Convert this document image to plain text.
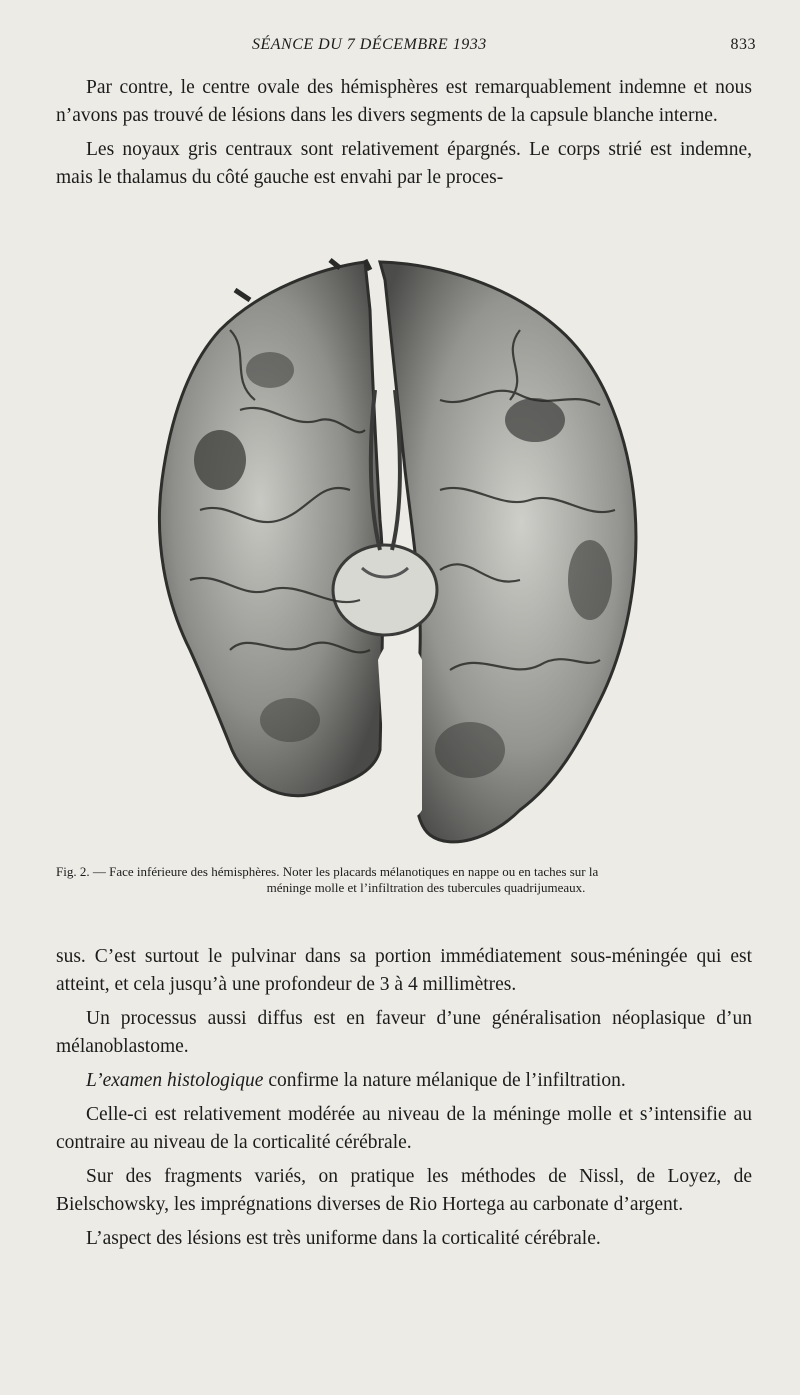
SÉANCE DU 7 DÉCEMBRE 1933	833

Par contre, le centre ovale des hémisphères est remarquablement indemne et nous n’avons pas trouvé de lésions dans les divers segments de la capsule blanche interne.

Les noyaux gris centraux sont relativement épargnés. Le corps strié est indemne, mais le thalamus du côté gauche est envahi par le proces-

Fig. 2. — Face inférieure des hémisphères. Noter les placards mélanotiques en nappe ou en taches sur la
méninge molle et l’infiltration des tubercules quadrijumeaux.

sus. C’est surtout le pulvinar dans sa portion immédiatement sous-méningée qui est atteint, et cela jusqu’à une profondeur de 3 à 4 millimètres.

Un processus aussi diffus est en faveur d’une généralisation néoplasique d’un mélanoblastome.

L’examen histologique confirme la nature mélanique de l’infiltration.

Celle-ci est relativement modérée au niveau de la méninge molle et s’intensifie au contraire au niveau de la corticalité cérébrale.

Sur des fragments variés, on pratique les méthodes de Nissl, de Loyez, de Bielschowsky, les imprégnations diverses de Rio Hortega au carbonate d’argent.

L’aspect des lésions est très uniforme dans la corticalité cérébrale.
